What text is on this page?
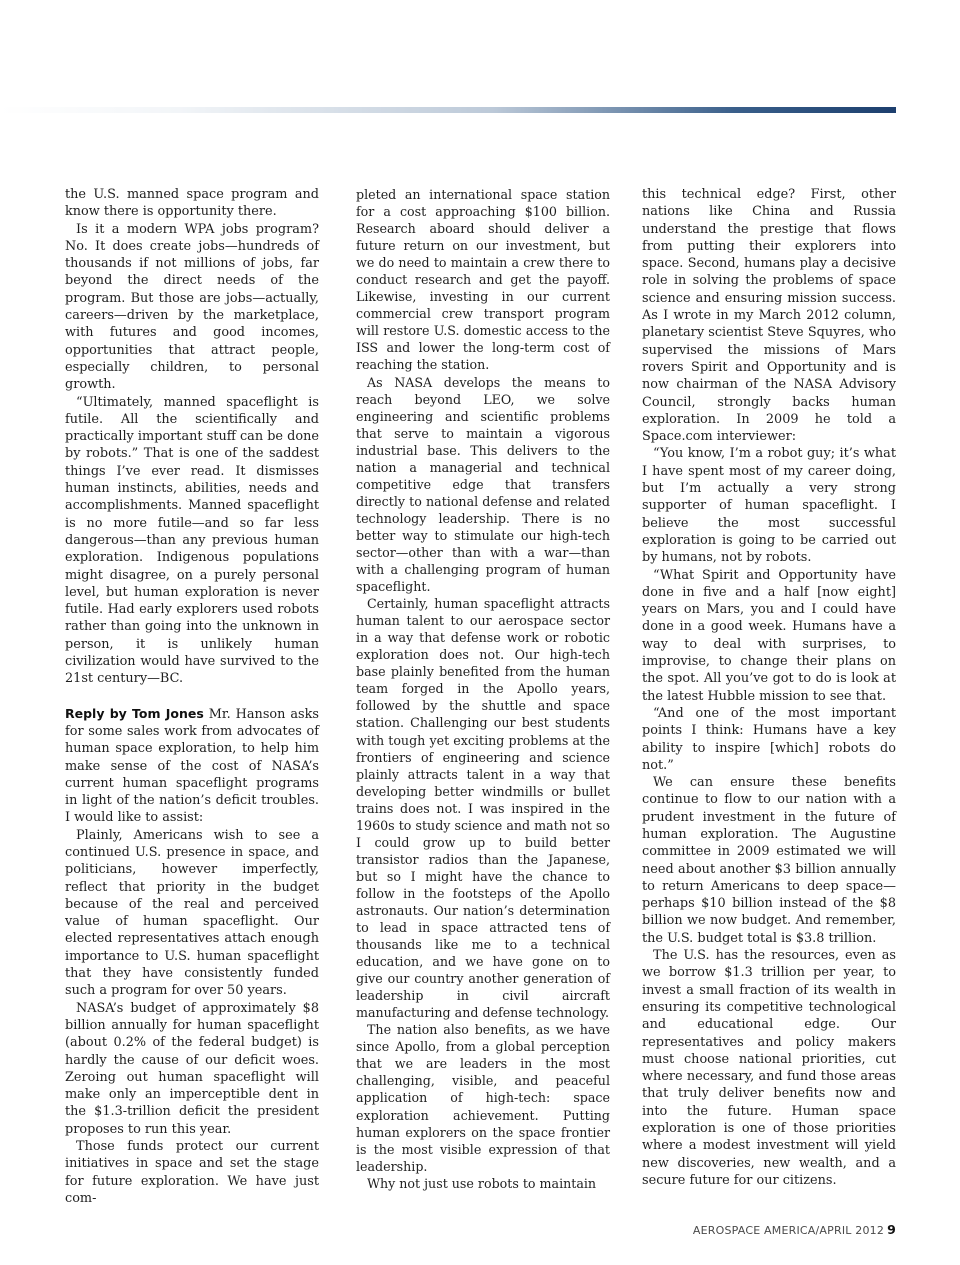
the U.S. manned space program and know there is opportunity there.

Is it a modern WPA jobs program? No. It does create jobs—hundreds of thousands if not millions of jobs, far beyond the direct needs of the program. But those are jobs—actually, careers—driven by the marketplace, with futures and good incomes, opportunities that attract people, especially children, to personal growth.

“Ultimately, manned spaceflight is futile. All the scientifically and practically important stuff can be done by robots.” That is one of the saddest things I’ve ever read. It dismisses human instincts, abilities, needs and accomplishments. Manned spaceflight is no more futile—and so far less dangerous—than any previous human exploration. Indigenous populations might disagree, on a purely personal level, but human exploration is never futile. Had early explorers used robots rather than going into the unknown in person, it is unlikely human civilization would have survived to the 21st century—BC.

Reply by Tom Jones Mr. Hanson asks for some sales work from advocates of human space exploration, to help him make sense of the cost of NASA’s current human spaceflight programs in light of the nation’s deficit troubles. I would like to assist:

Plainly, Americans wish to see a continued U.S. presence in space, and politicians, however imperfectly, reflect that priority in the budget because of the real and perceived value of human spaceflight. Our elected representatives attach enough importance to U.S. human spaceflight that they have consistently funded such a program for over 50 years.

NASA’s budget of approximately $8 billion annually for human spaceflight (about 0.2% of the federal budget) is hardly the cause of our deficit woes. Zeroing out human spaceflight will make only an imperceptible dent in the $1.3-trillion deficit the president proposes to run this year.

Those funds protect our current initiatives in space and set the stage for future exploration. We have just com-

pleted an international space station for a cost approaching $100 billion. Research aboard should deliver a future return on our investment, but we do need to maintain a crew there to conduct research and get the payoff. Likewise, investing in our current commercial crew transport program will restore U.S. domestic access to the ISS and lower the long-term cost of reaching the station.

As NASA develops the means to reach beyond LEO, we solve engineering and scientific problems that serve to maintain a vigorous industrial base. This delivers to the nation a managerial and technical competitive edge that transfers directly to national defense and related technology leadership. There is no better way to stimulate our high-tech sector—other than with a war—than with a challenging program of human spaceflight.

Certainly, human spaceflight attracts human talent to our aerospace sector in a way that defense work or robotic exploration does not. Our high-tech base plainly benefited from the human team forged in the Apollo years, followed by the shuttle and space station. Challenging our best students with tough yet exciting problems at the frontiers of engineering and science plainly attracts talent in a way that developing better windmills or bullet trains does not. I was inspired in the 1960s to study science and math not so I could grow up to build better transistor radios than the Japanese, but so I might have the chance to follow in the footsteps of the Apollo astronauts. Our nation’s determination to lead in space attracted tens of thousands like me to a technical education, and we have gone on to give our country another generation of leadership in civil aircraft manufacturing and defense technology.

The nation also benefits, as we have since Apollo, from a global perception that we are leaders in the most challenging, visible, and peaceful application of high-tech: space exploration achievement. Putting human explorers on the space frontier is the most visible expression of that leadership.

Why not just use robots to maintain

this technical edge? First, other nations like China and Russia understand the prestige that flows from putting their explorers into space. Second, humans play a decisive role in solving the problems of space science and ensuring mission success. As I wrote in my March 2012 column, planetary scientist Steve Squyres, who supervised the missions of Mars rovers Spirit and Opportunity and is now chairman of the NASA Advisory Council, strongly backs human exploration. In 2009 he told a Space.com interviewer:

“You know, I’m a robot guy; it’s what I have spent most of my career doing, but I’m actually a very strong supporter of human spaceflight. I believe the most successful exploration is going to be carried out by humans, not by robots.

“What Spirit and Opportunity have done in five and a half [now eight] years on Mars, you and I could have done in a good week. Humans have a way to deal with surprises, to improvise, to change their plans on the spot. All you’ve got to do is look at the latest Hubble mission to see that.

“And one of the most important points I think: Humans have a key ability to inspire [which] robots do not.”

We can ensure these benefits continue to flow to our nation with a prudent investment in the future of human exploration. The Augustine committee in 2009 estimated we will need about another $3 billion annually to return Americans to deep space—perhaps $10 billion instead of the $8 billion we now budget. And remember, the U.S. budget total is $3.8 trillion.

The U.S. has the resources, even as we borrow $1.3 trillion per year, to invest a small fraction of its wealth in ensuring its competitive technological and educational edge. Our representatives and policy makers must choose national priorities, cut where necessary, and fund those areas that truly deliver benefits now and into the future. Human space exploration is one of those priorities where a modest investment will yield new discoveries, new wealth, and a secure future for our citizens.

AEROSPACE AMERICA/APRIL 2012 9
